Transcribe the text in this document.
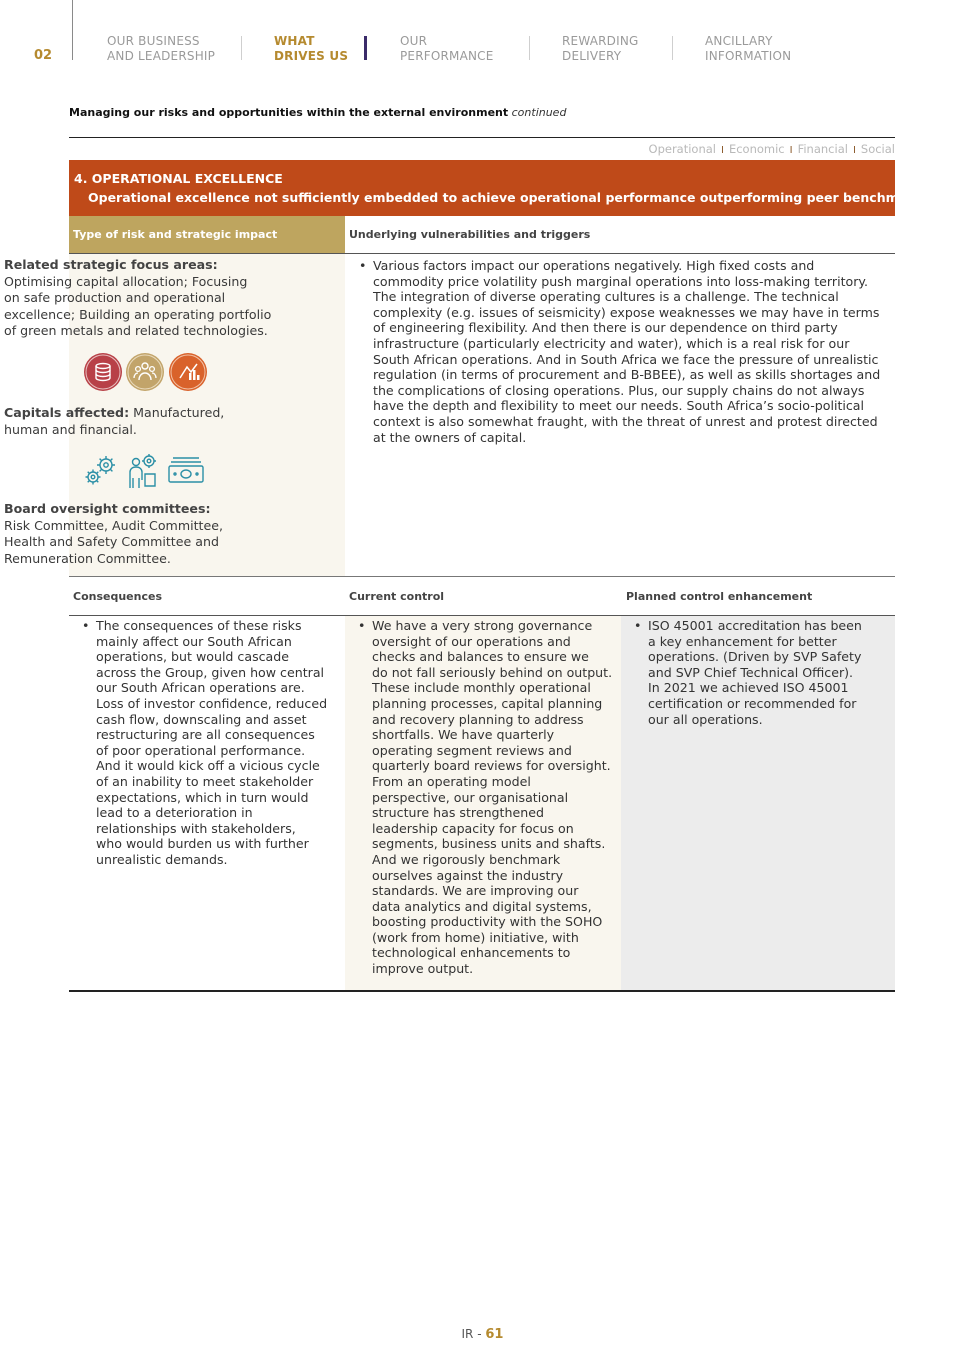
02
OUR BUSINESS
AND LEADERSHIP
WHAT
DRIVES US
OUR
PERFORMANCE
REWARDING
DELIVERY
ANCILLARY
INFORMATION
Managing our risks and opportunities within the external environment continued
Operational I Economic I Financial I Social
4. OPERATIONAL EXCELLENCE
Operational excellence not sufficiently embedded to achieve operational performance outperforming peer benchmarks
Type of risk and strategic impact	Underlying vulnerabilities and triggers
Related strategic focus areas:
Optimising capital allocation; Focusing
on safe production and operational
excellence; Building an operating portfolio
of green metals and related technologies.
Capitals affected: Manufactured,
human and financial.
Board oversight committees:
Risk Committee, Audit Committee,
Health and Safety Committee and
Remuneration Committee.
• Various factors impact our operations negatively. High fixed costs and
commodity price volatility push marginal operations into loss-making territory.
The integration of diverse operating cultures is a challenge. The technical
complexity (e.g. issues of seismicity) expose weaknesses we may have in terms
of engineering flexibility. And then there is our dependence on third party
infrastructure (particularly electricity and water), which is a real risk for our
South African operations. And in South Africa we face the pressure of unrealistic
regulation (in terms of procurement and B-BBEE), as well as skills shortages and
the complications of closing operations. Plus, our supply chains do not always
have the depth and flexibility to meet our needs. South Africa’s socio-political
context is also somewhat fraught, with the threat of unrest and protest directed
at the owners of capital.
Consequences	Current control	Planned control enhancement
• The consequences of these risks
mainly affect our South African
operations, but would cascade
across the Group, given how central
our South African operations are.
Loss of investor confidence, reduced
cash flow, downscaling and asset
restructuring are all consequences
of poor operational performance.
And it would kick off a vicious cycle
of an inability to meet stakeholder
expectations, which in turn would
lead to a deterioration in
relationships with stakeholders,
who would burden us with further
unrealistic demands.
• We have a very strong governance
oversight of our operations and
checks and balances to ensure we
do not fall seriously behind on output.
These include monthly operational
planning processes, capital planning
and recovery planning to address
shortfalls. We have quarterly
operating segment reviews and
quarterly board reviews for oversight.
From an operating model
perspective, our organisational
structure has strengthened
leadership capacity for focus on
segments, business units and shafts.
And we rigorously benchmark
ourselves against the industry
standards. We are improving our
data analytics and digital systems,
boosting productivity with the SOHO
(work from home) initiative, with
technological enhancements to
improve output.
• ISO 45001 accreditation has been
a key enhancement for better
operations. (Driven by SVP Safety
and SVP Chief Technical Officer).
In 2021 we achieved ISO 45001
certification or recommended for
our all operations.
IR - 61
